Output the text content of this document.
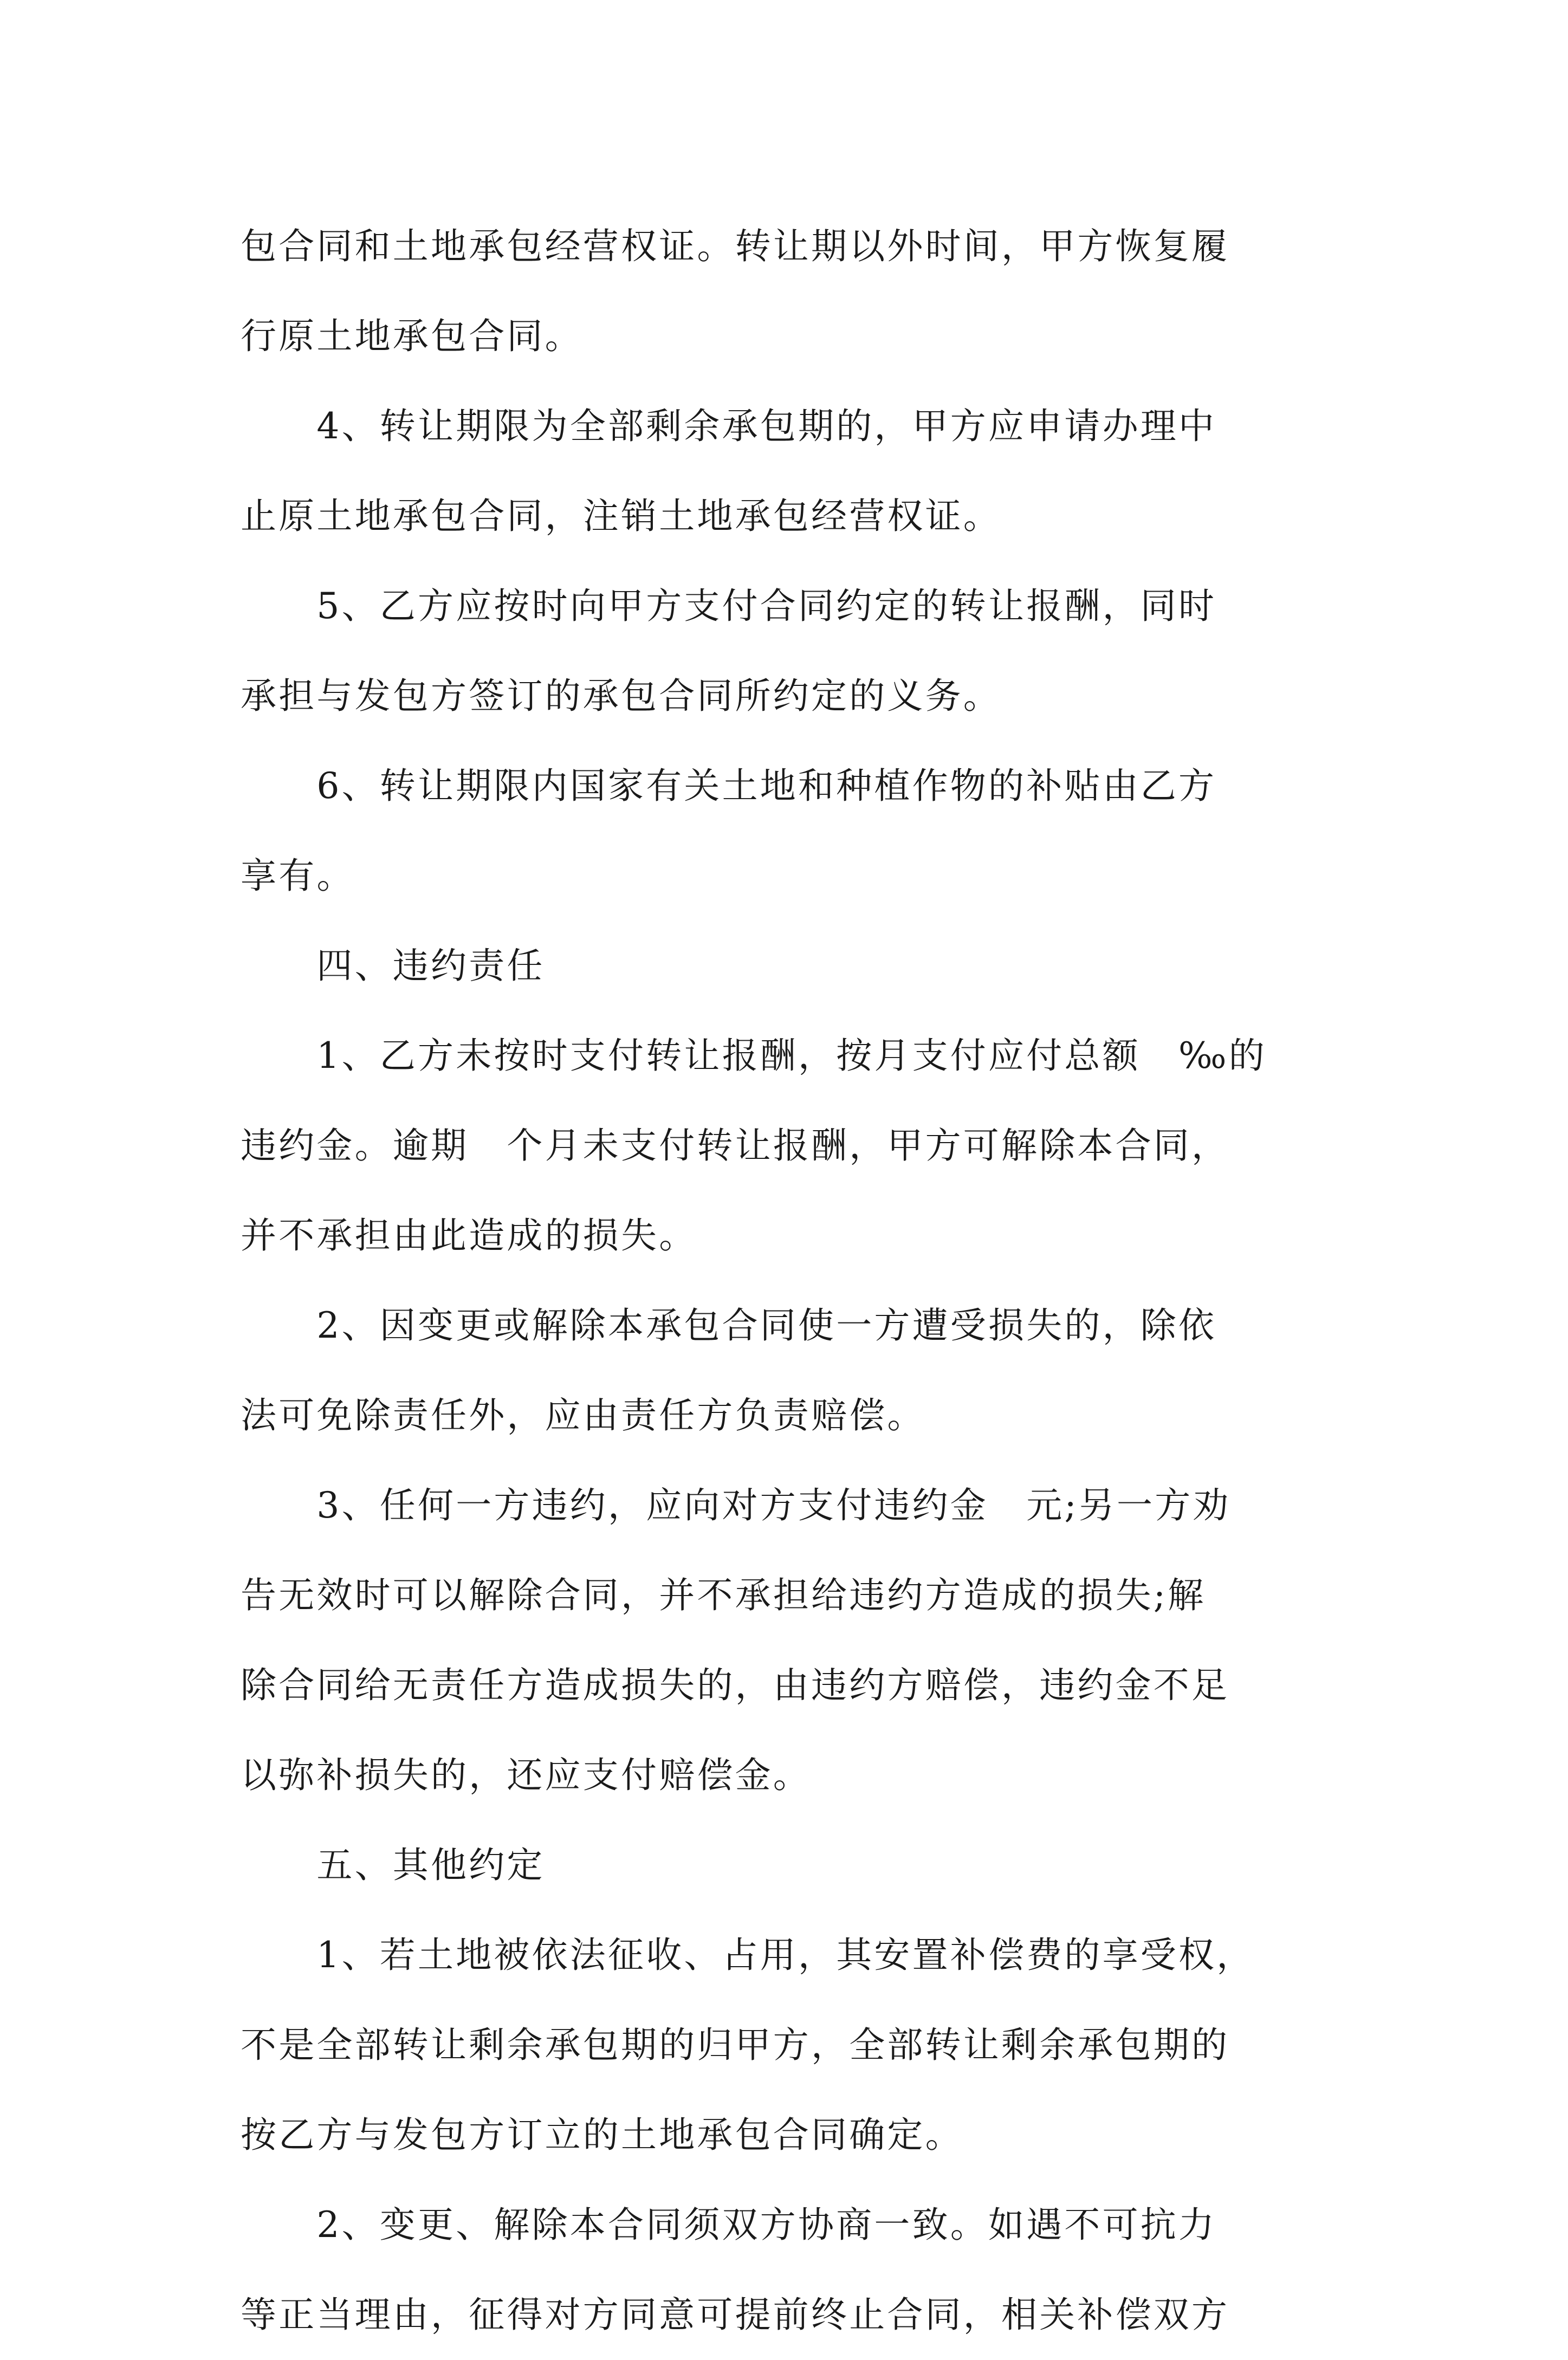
包合同和土地承包经营权证。转让期以外时间，甲方恢复履

行原土地承包合同。

　　4、转让期限为全部剩余承包期的，甲方应申请办理中

止原土地承包合同，注销土地承包经营权证。

　　5、乙方应按时向甲方支付合同约定的转让报酬，同时

承担与发包方签订的承包合同所约定的义务。

　　6、转让期限内国家有关土地和种植作物的补贴由乙方

享有。

　　四、违约责任

　　1、乙方未按时支付转让报酬，按月支付应付总额　‰的

违约金。逾期　个月未支付转让报酬，甲方可解除本合同，

并不承担由此造成的损失。

　　2、因变更或解除本承包合同使一方遭受损失的，除依

法可免除责任外，应由责任方负责赔偿。

　　3、任何一方违约，应向对方支付违约金　元;另一方劝

告无效时可以解除合同，并不承担给违约方造成的损失;解

除合同给无责任方造成损失的，由违约方赔偿，违约金不足

以弥补损失的，还应支付赔偿金。

　　五、其他约定

　　1、若土地被依法征收、占用，其安置补偿费的享受权，

不是全部转让剩余承包期的归甲方，全部转让剩余承包期的

按乙方与发包方订立的土地承包合同确定。

　　2、变更、解除本合同须双方协商一致。如遇不可抗力

等正当理由，征得对方同意可提前终止合同，相关补偿双方
